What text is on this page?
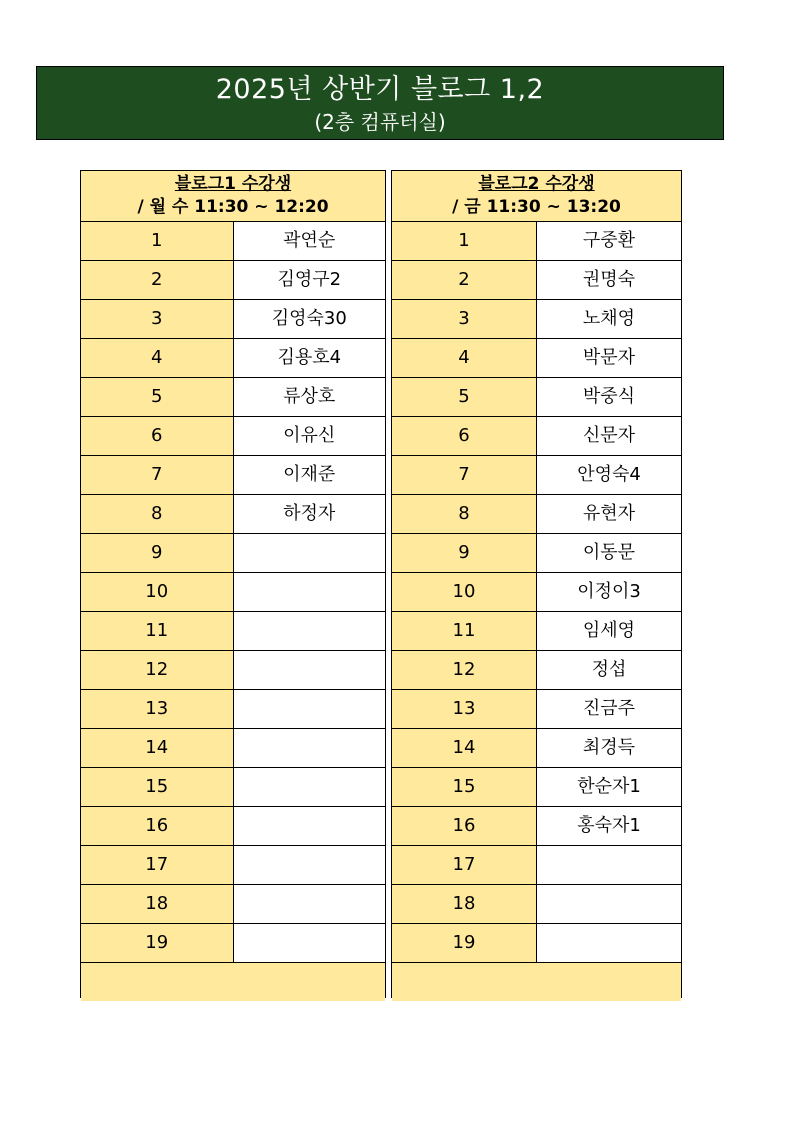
2025년 상반기 블로그 1,2
(2층 컴퓨터실)
블로그1 수강생
/ 월 수 11:30 ~ 12:20	
1	곽연순
2	김영구2
3	김영숙30
4	김용호4
5	류상호
6	이유신
7	이재준
8	하정자
9	
10	
11	
12	
13	
14	
15	
16	
17	
18	
19	

블로그2 수강생
/ 금 11:30 ~ 13:20	
1	구중환
2	권명숙
3	노채영
4	박문자
5	박중식
6	신문자
7	안영숙4
8	유현자
9	이동문
10	이정이3
11	임세영
12	정섭
13	진금주
14	최경득
15	한순자1
16	홍숙자1
17	
18	
19	
